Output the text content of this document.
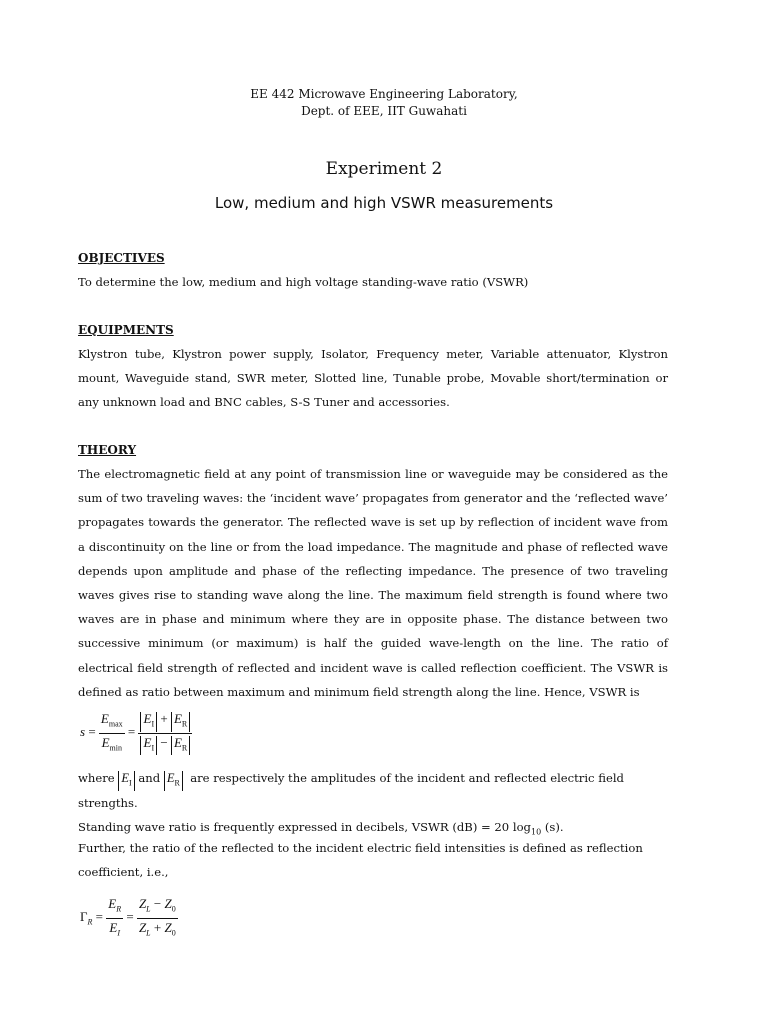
EE 442 Microwave Engineering Laboratory,
Dept. of EEE, IIT Guwahati
Experiment 2
Low, medium and high VSWR measurements

OBJECTIVES

To determine the low, medium and high voltage standing-wave ratio (VSWR)

EQUIPMENTS

Klystron tube, Klystron power supply, Isolator, Frequency meter, Variable attenuator, Klystron mount, Waveguide stand, SWR meter, Slotted line, Tunable probe, Movable short/termination or any unknown load and BNC cables, S-S Tuner and accessories.

THEORY

The electromagnetic field at any point of transmission line or waveguide may be considered as the sum of two traveling waves: the ‘incident wave’ propagates from generator and the ‘reflected wave’ propagates towards the generator. The reflected wave is set up by reflection of incident wave from a discontinuity on the line or from the load impedance. The magnitude and phase of reflected wave depends upon amplitude and phase of the reflecting impedance. The presence of two traveling waves gives rise to standing wave along the line. The maximum field strength is found where two waves are in phase and minimum where they are in opposite phase. The distance between two successive minimum (or maximum) is half the guided wave-length on the line. The ratio of electrical field strength of reflected and incident wave is called reflection coefficient. The VSWR is defined as ratio between maximum and minimum field strength along the line. Hence, VSWR is

$s = \frac{E_{max}}{E_{min}} = \frac{E_I + E_R}{E_I - E_R}$

where $E_I$ and $E_R$ are respectively the amplitudes of the incident and reflected electric field strengths.

Standing wave ratio is frequently expressed in decibels, VSWR (dB) = 20 $\log_{10} (s)$.

Further, the ratio of the reflected to the incident electric field intensities is defined as reflection coefficient, i.e.,

$\Gamma_R = \frac{E_R}{E_I} = \frac{Z_L - Z_0}{Z_L + Z_0}$
